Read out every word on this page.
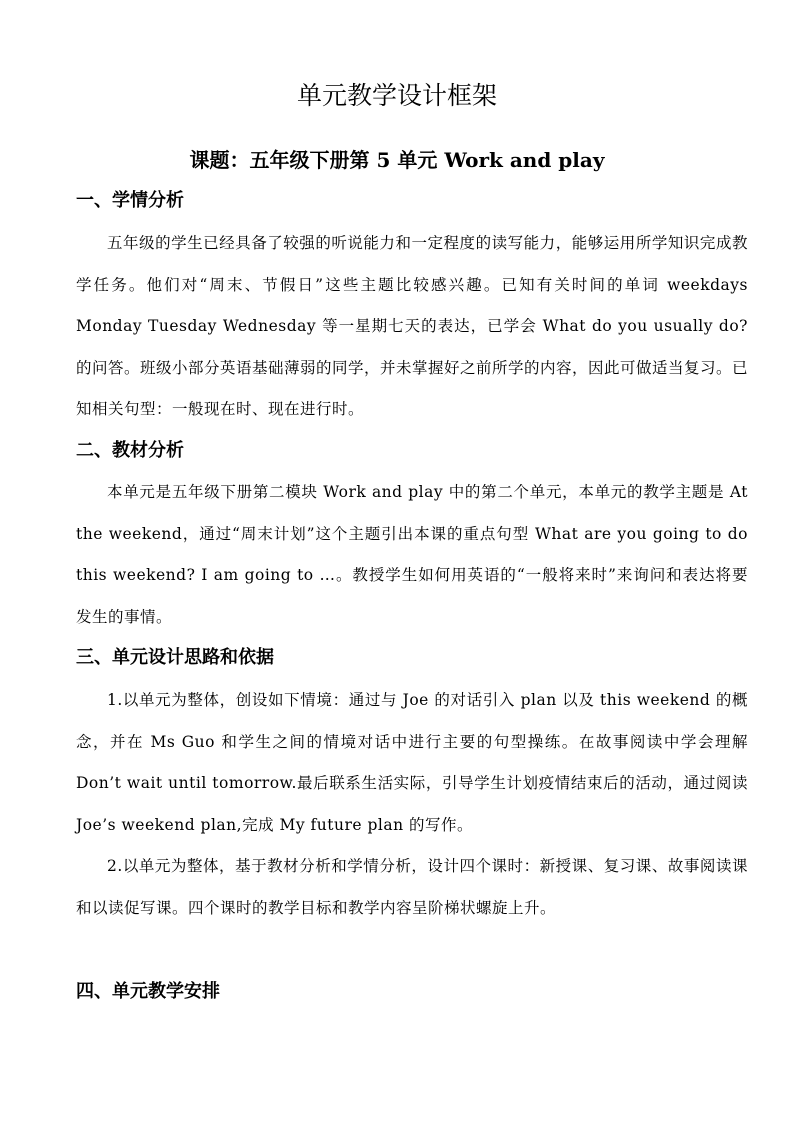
单元教学设计框架
课题：五年级下册第 5 单元 Work and play
一、学情分析

五年级的学生已经具备了较强的听说能力和一定程度的读写能力，能够运用所学知识完成教学任务。他们对“周末、节假日”这些主题比较感兴趣。已知有关时间的单词 weekdays Monday Tuesday Wednesday 等一星期七天的表达，已学会 What do you usually do?的问答。班级小部分英语基础薄弱的同学，并未掌握好之前所学的内容，因此可做适当复习。已知相关句型：一般现在时、现在进行时。

二、教材分析

本单元是五年级下册第二模块 Work and play 中的第二个单元，本单元的教学主题是 At the weekend，通过“周末计划”这个主题引出本课的重点句型 What are you going to do this weekend? I am going to …。教授学生如何用英语的“一般将来时”来询问和表达将要发生的事情。

三、单元设计思路和依据

1.以单元为整体，创设如下情境：通过与 Joe 的对话引入 plan 以及 this weekend 的概念，并在 Ms Guo 和学生之间的情境对话中进行主要的句型操练。在故事阅读中学会理解 Don’t wait until tomorrow.最后联系生活实际，引导学生计划疫情结束后的活动，通过阅读 Joe’s weekend plan,完成 My future plan 的写作。

2.以单元为整体，基于教材分析和学情分析，设计四个课时：新授课、复习课、故事阅读课和以读促写课。四个课时的教学目标和教学内容呈阶梯状螺旋上升。

四、单元教学安排
